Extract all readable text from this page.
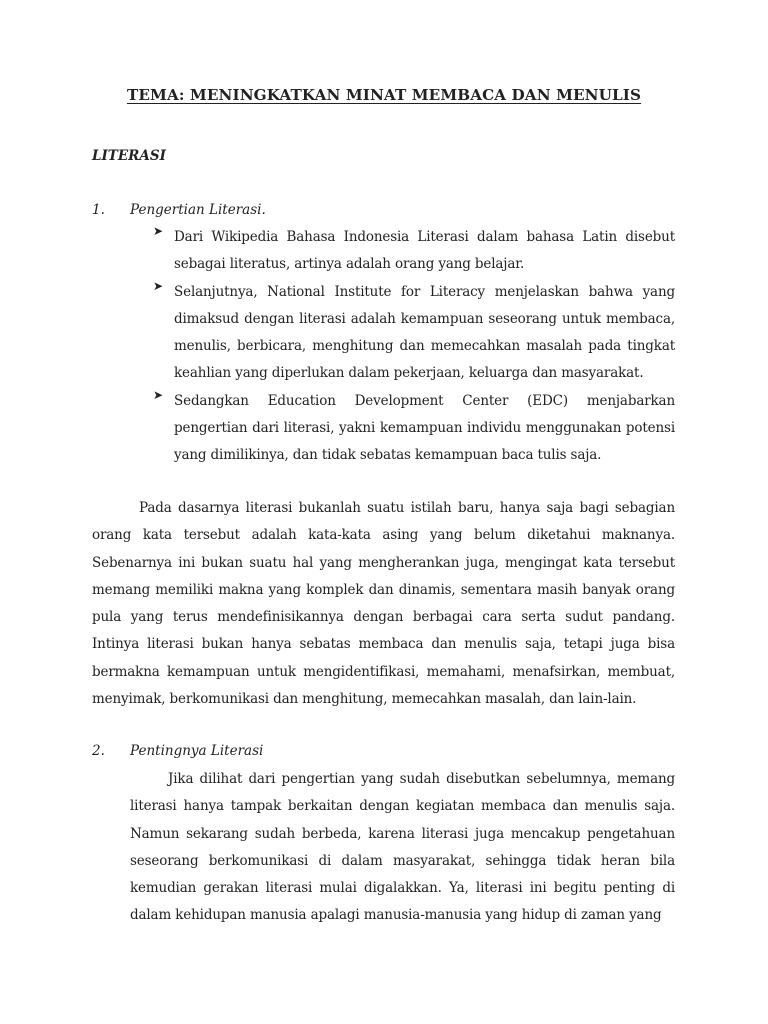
TEMA: MENINGKATKAN MINAT MEMBACA DAN MENULIS
LITERASI
1. Pengertian Literasi.
➤ Dari Wikipedia Bahasa Indonesia Literasi dalam bahasa Latin disebut sebagai literatus, artinya adalah orang yang belajar.

➤ Selanjutnya, National Institute for Literacy menjelaskan bahwa yang dimaksud dengan literasi adalah kemampuan seseorang untuk membaca, menulis, berbicara, menghitung dan memecahkan masalah pada tingkat keahlian yang diperlukan dalam pekerjaan, keluarga dan masyarakat.

➤ Sedangkan Education Development Center (EDC) menjabarkan pengertian dari literasi, yakni kemampuan individu menggunakan potensi yang dimilikinya, dan tidak sebatas kemampuan baca tulis saja.

Pada dasarnya literasi bukanlah suatu istilah baru, hanya saja bagi sebagian orang kata tersebut adalah kata-kata asing yang belum diketahui maknanya. Sebenarnya ini bukan suatu hal yang mengherankan juga, mengingat kata tersebut memang memiliki makna yang komplek dan dinamis, sementara masih banyak orang pula yang terus mendefinisikannya dengan berbagai cara serta sudut pandang. Intinya literasi bukan hanya sebatas membaca dan menulis saja, tetapi juga bisa bermakna kemampuan untuk mengidentifikasi, memahami, menafsirkan, membuat, menyimak, berkomunikasi dan menghitung, memecahkan masalah, dan lain-lain.

2. Pentingnya Literasi

Jika dilihat dari pengertian yang sudah disebutkan sebelumnya, memang literasi hanya tampak berkaitan dengan kegiatan membaca dan menulis saja. Namun sekarang sudah berbeda, karena literasi juga mencakup pengetahuan seseorang berkomunikasi di dalam masyarakat, sehingga tidak heran bila kemudian gerakan literasi mulai digalakkan. Ya, literasi ini begitu penting di dalam kehidupan manusia apalagi manusia-manusia yang hidup di zaman yang
